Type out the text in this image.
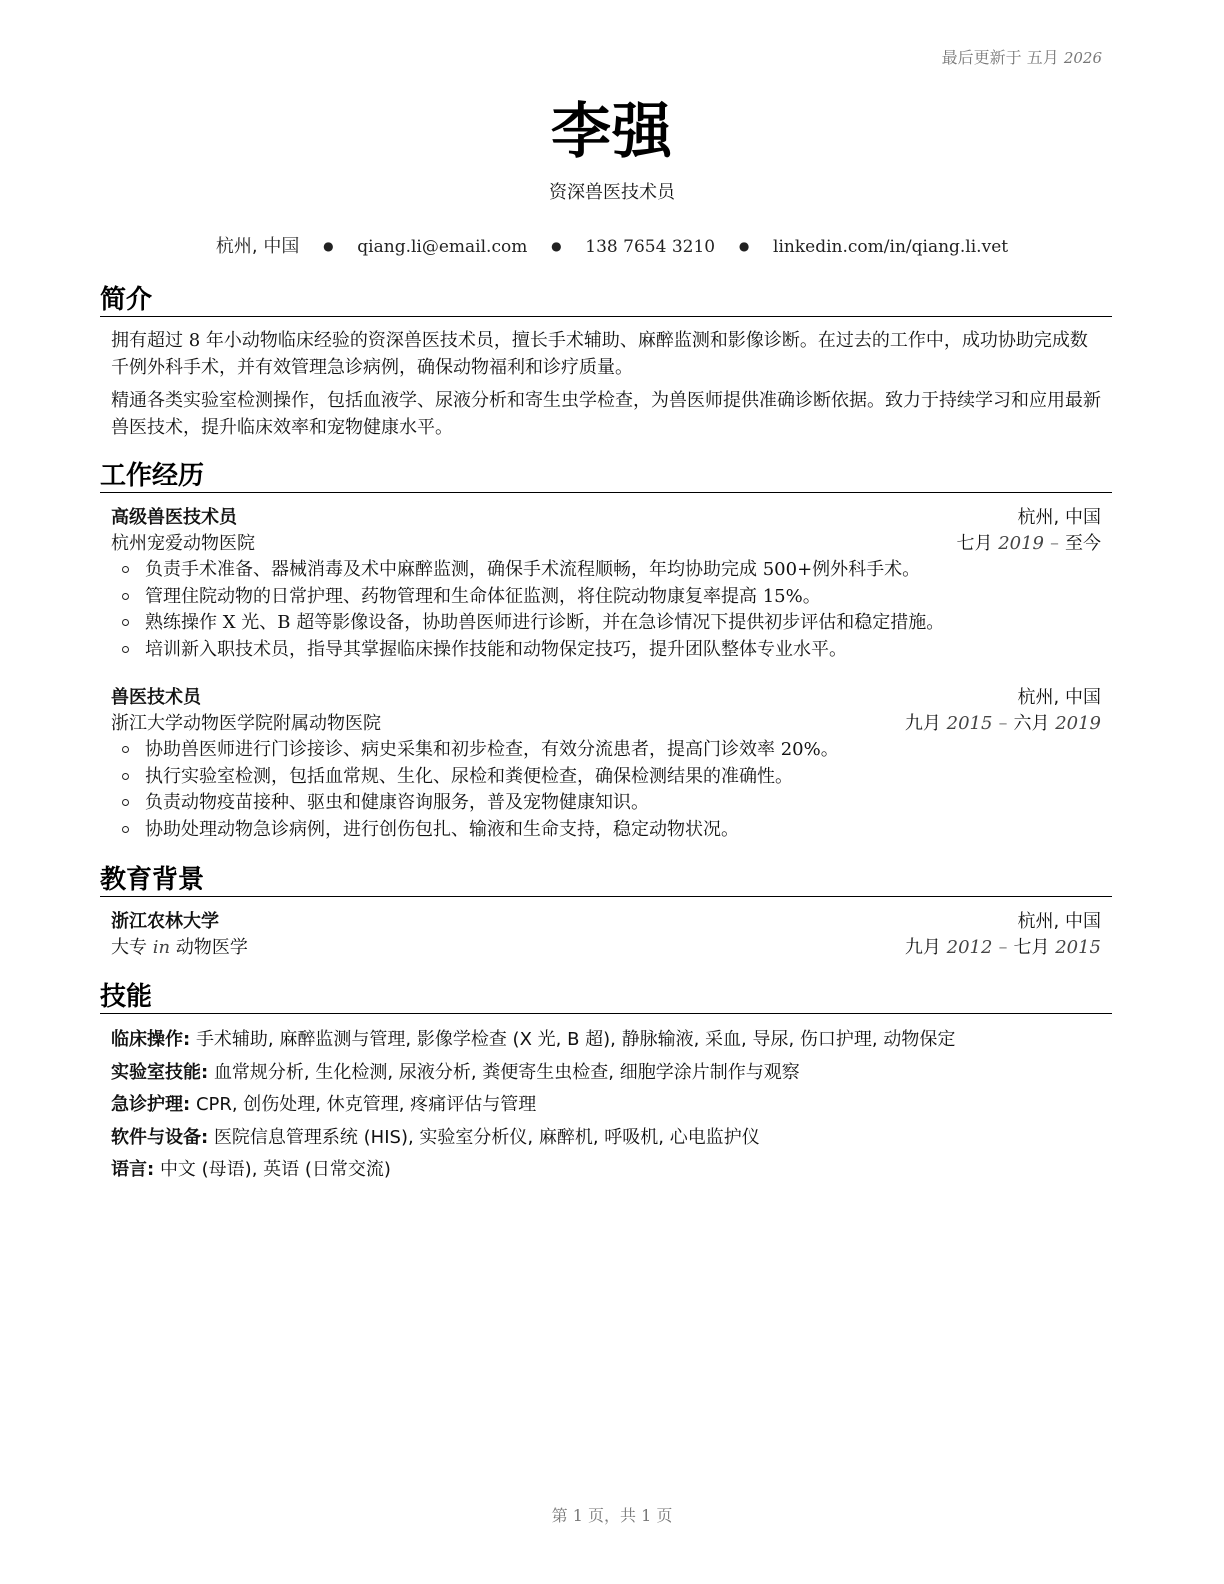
最后更新于 五月 2026
李强
资深兽医技术员
杭州, 中国 ● qiang.li@email.com ● 138 7654 3210 ● linkedin.com/in/qiang.li.vet
简介
拥有超过 8 年小动物临床经验的资深兽医技术员，擅长手术辅助、麻醉监测和影像诊断。在过去的工作中，成功协助完成数千例外科手术，并有效管理急诊病例，确保动物福利和诊疗质量。
精通各类实验室检测操作，包括血液学、尿液分析和寄生虫学检查，为兽医师提供准确诊断依据。致力于持续学习和应用最新兽医技术，提升临床效率和宠物健康水平。
工作经历
高级兽医技术员	杭州, 中国
杭州宠爱动物医院	七月 2019 – 至今
负责手术准备、器械消毒及术中麻醉监测，确保手术流程顺畅，年均协助完成 500+例外科手术。
管理住院动物的日常护理、药物管理和生命体征监测，将住院动物康复率提高 15%。
熟练操作 X 光、B 超等影像设备，协助兽医师进行诊断，并在急诊情况下提供初步评估和稳定措施。
培训新入职技术员，指导其掌握临床操作技能和动物保定技巧，提升团队整体专业水平。
兽医技术员	杭州, 中国
浙江大学动物医学院附属动物医院	九月 2015 – 六月 2019
协助兽医师进行门诊接诊、病史采集和初步检查，有效分流患者，提高门诊效率 20%。
执行实验室检测，包括血常规、生化、尿检和粪便检查，确保检测结果的准确性。
负责动物疫苗接种、驱虫和健康咨询服务，普及宠物健康知识。
协助处理动物急诊病例，进行创伤包扎、输液和生命支持，稳定动物状况。
教育背景
浙江农林大学	杭州, 中国
大专 in 动物医学	九月 2012 – 七月 2015
技能
临床操作: 手术辅助, 麻醉监测与管理, 影像学检查 (X 光, B 超), 静脉输液, 采血, 导尿, 伤口护理, 动物保定
实验室技能: 血常规分析, 生化检测, 尿液分析, 粪便寄生虫检查, 细胞学涂片制作与观察
急诊护理: CPR, 创伤处理, 休克管理, 疼痛评估与管理
软件与设备: 医院信息管理系统 (HIS), 实验室分析仪, 麻醉机, 呼吸机, 心电监护仪
语言: 中文 (母语), 英语 (日常交流)
第 1 页，共 1 页
